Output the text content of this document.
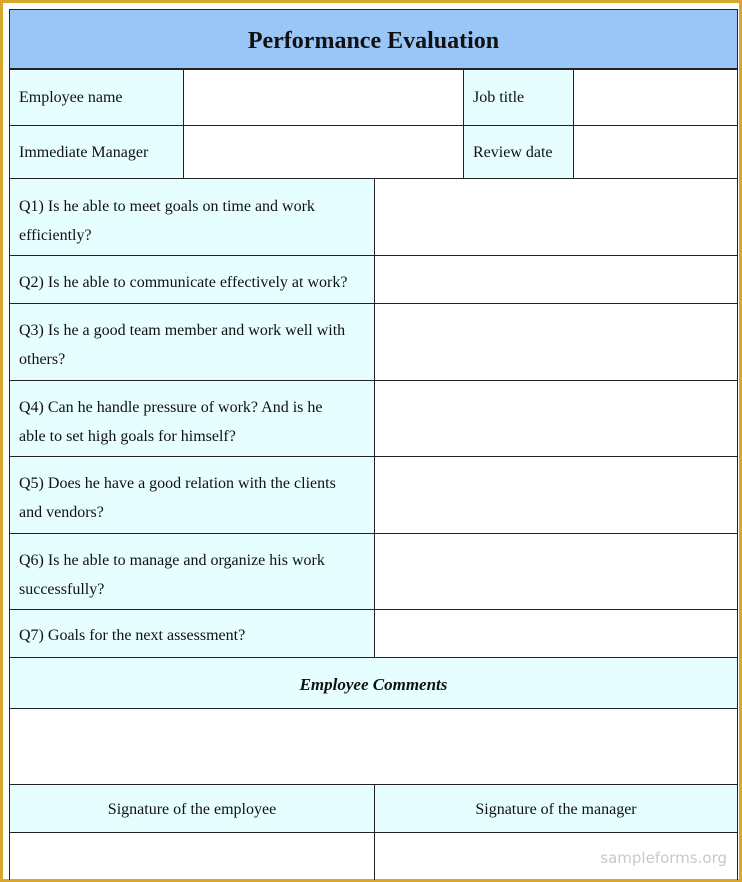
Performance Evaluation
Employee name	Job title
Immediate Manager	Review date
Q1) Is he able to meet goals on time and work
efficiently?
Q2) Is he able to communicate effectively at work?
Q3) Is he a good team member and work well with
others?
Q4) Can he handle pressure of work? And is he
able to set high goals for himself?
Q5) Does he have a good relation with the clients
and vendors?
Q6) Is he able to manage and organize his work
successfully?
Q7) Goals for the next assessment?
Employee Comments
Signature of the employee	Signature of the manager
sampleforms.org
